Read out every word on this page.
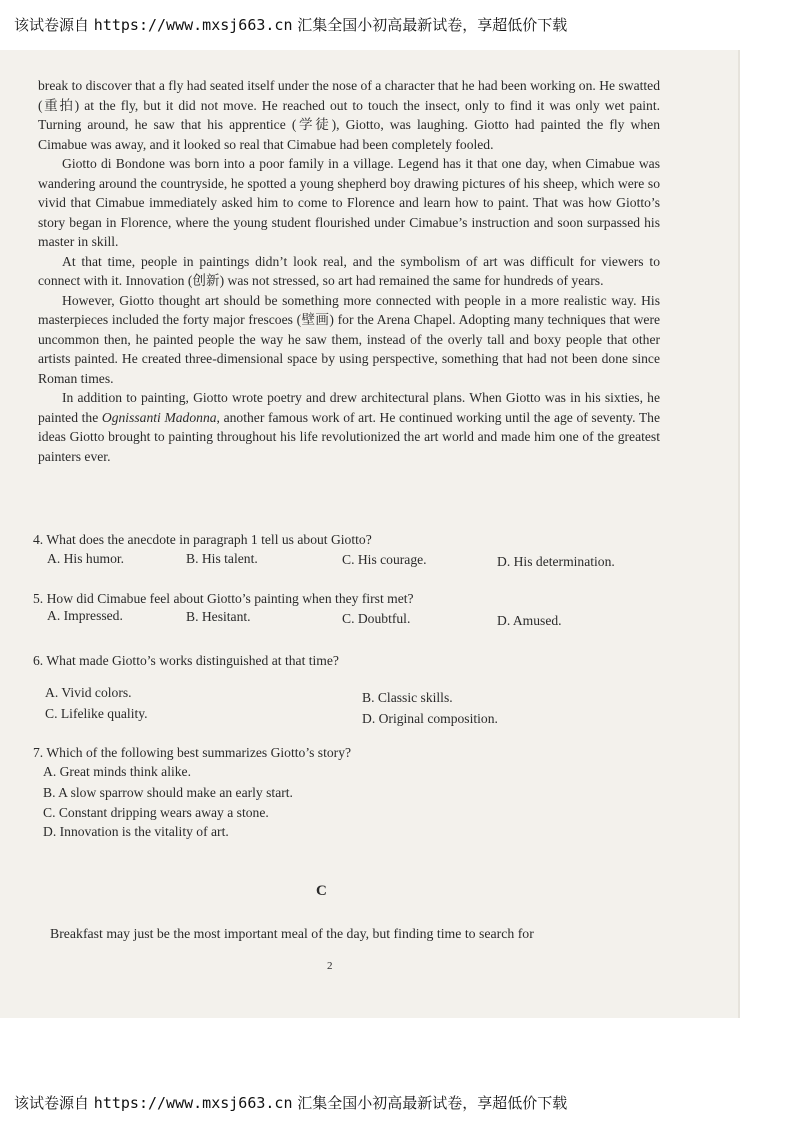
该试卷源自 https://www.mxsj663.cn 汇集全国小初高最新试卷，享超低价下载

break to discover that a fly had seated itself under the nose of a character that he had been working on. He swatted (重拍) at the fly, but it did not move. He reached out to touch the insect, only to find it was only wet paint. Turning around, he saw that his apprentice (学徒), Giotto, was laughing. Giotto had painted the fly when Cimabue was away, and it looked so real that Cimabue had been completely fooled.

Giotto di Bondone was born into a poor family in a village. Legend has it that one day, when Cimabue was wandering around the countryside, he spotted a young shepherd boy drawing pictures of his sheep, which were so vivid that Cimabue immediately asked him to come to Florence and learn how to paint. That was how Giotto’s story began in Florence, where the young student flourished under Cimabue’s instruction and soon surpassed his master in skill.

At that time, people in paintings didn’t look real, and the symbolism of art was difficult for viewers to connect with it. Innovation (创新) was not stressed, so art had remained the same for hundreds of years.

However, Giotto thought art should be something more connected with people in a more realistic way. His masterpieces included the forty major frescoes (壁画) for the Arena Chapel. Adopting many techniques that were uncommon then, he painted people the way he saw them, instead of the overly tall and boxy people that other artists painted. He created three-dimensional space by using perspective, something that had not been done since Roman times.

In addition to painting, Giotto wrote poetry and drew architectural plans. When Giotto was in his sixties, he painted the Ognissanti Madonna, another famous work of art. He continued working until the age of seventy. The ideas Giotto brought to painting throughout his life revolutionized the art world and made him one of the greatest painters ever.

4. What does the anecdote in paragraph 1 tell us about Giotto?

A. His humor.	B. His talent.	C. His courage.	D. His determination.

5. How did Cimabue feel about Giotto’s painting when they first met?

A. Impressed.	B. Hesitant.	C. Doubtful.	D. Amused.

6. What made Giotto’s works distinguished at that time?

A. Vivid colors.	B. Classic skills.
C. Lifelike quality.	D. Original composition.

7. Which of the following best summarizes Giotto’s story?

A. Great minds think alike.
B. A slow sparrow should make an early start.
C. Constant dripping wears away a stone.
D. Innovation is the vitality of art.
C
Breakfast may just be the most important meal of the day, but finding time to search for
2
该试卷源自 https://www.mxsj663.cn 汇集全国小初高最新试卷，享超低价下载
